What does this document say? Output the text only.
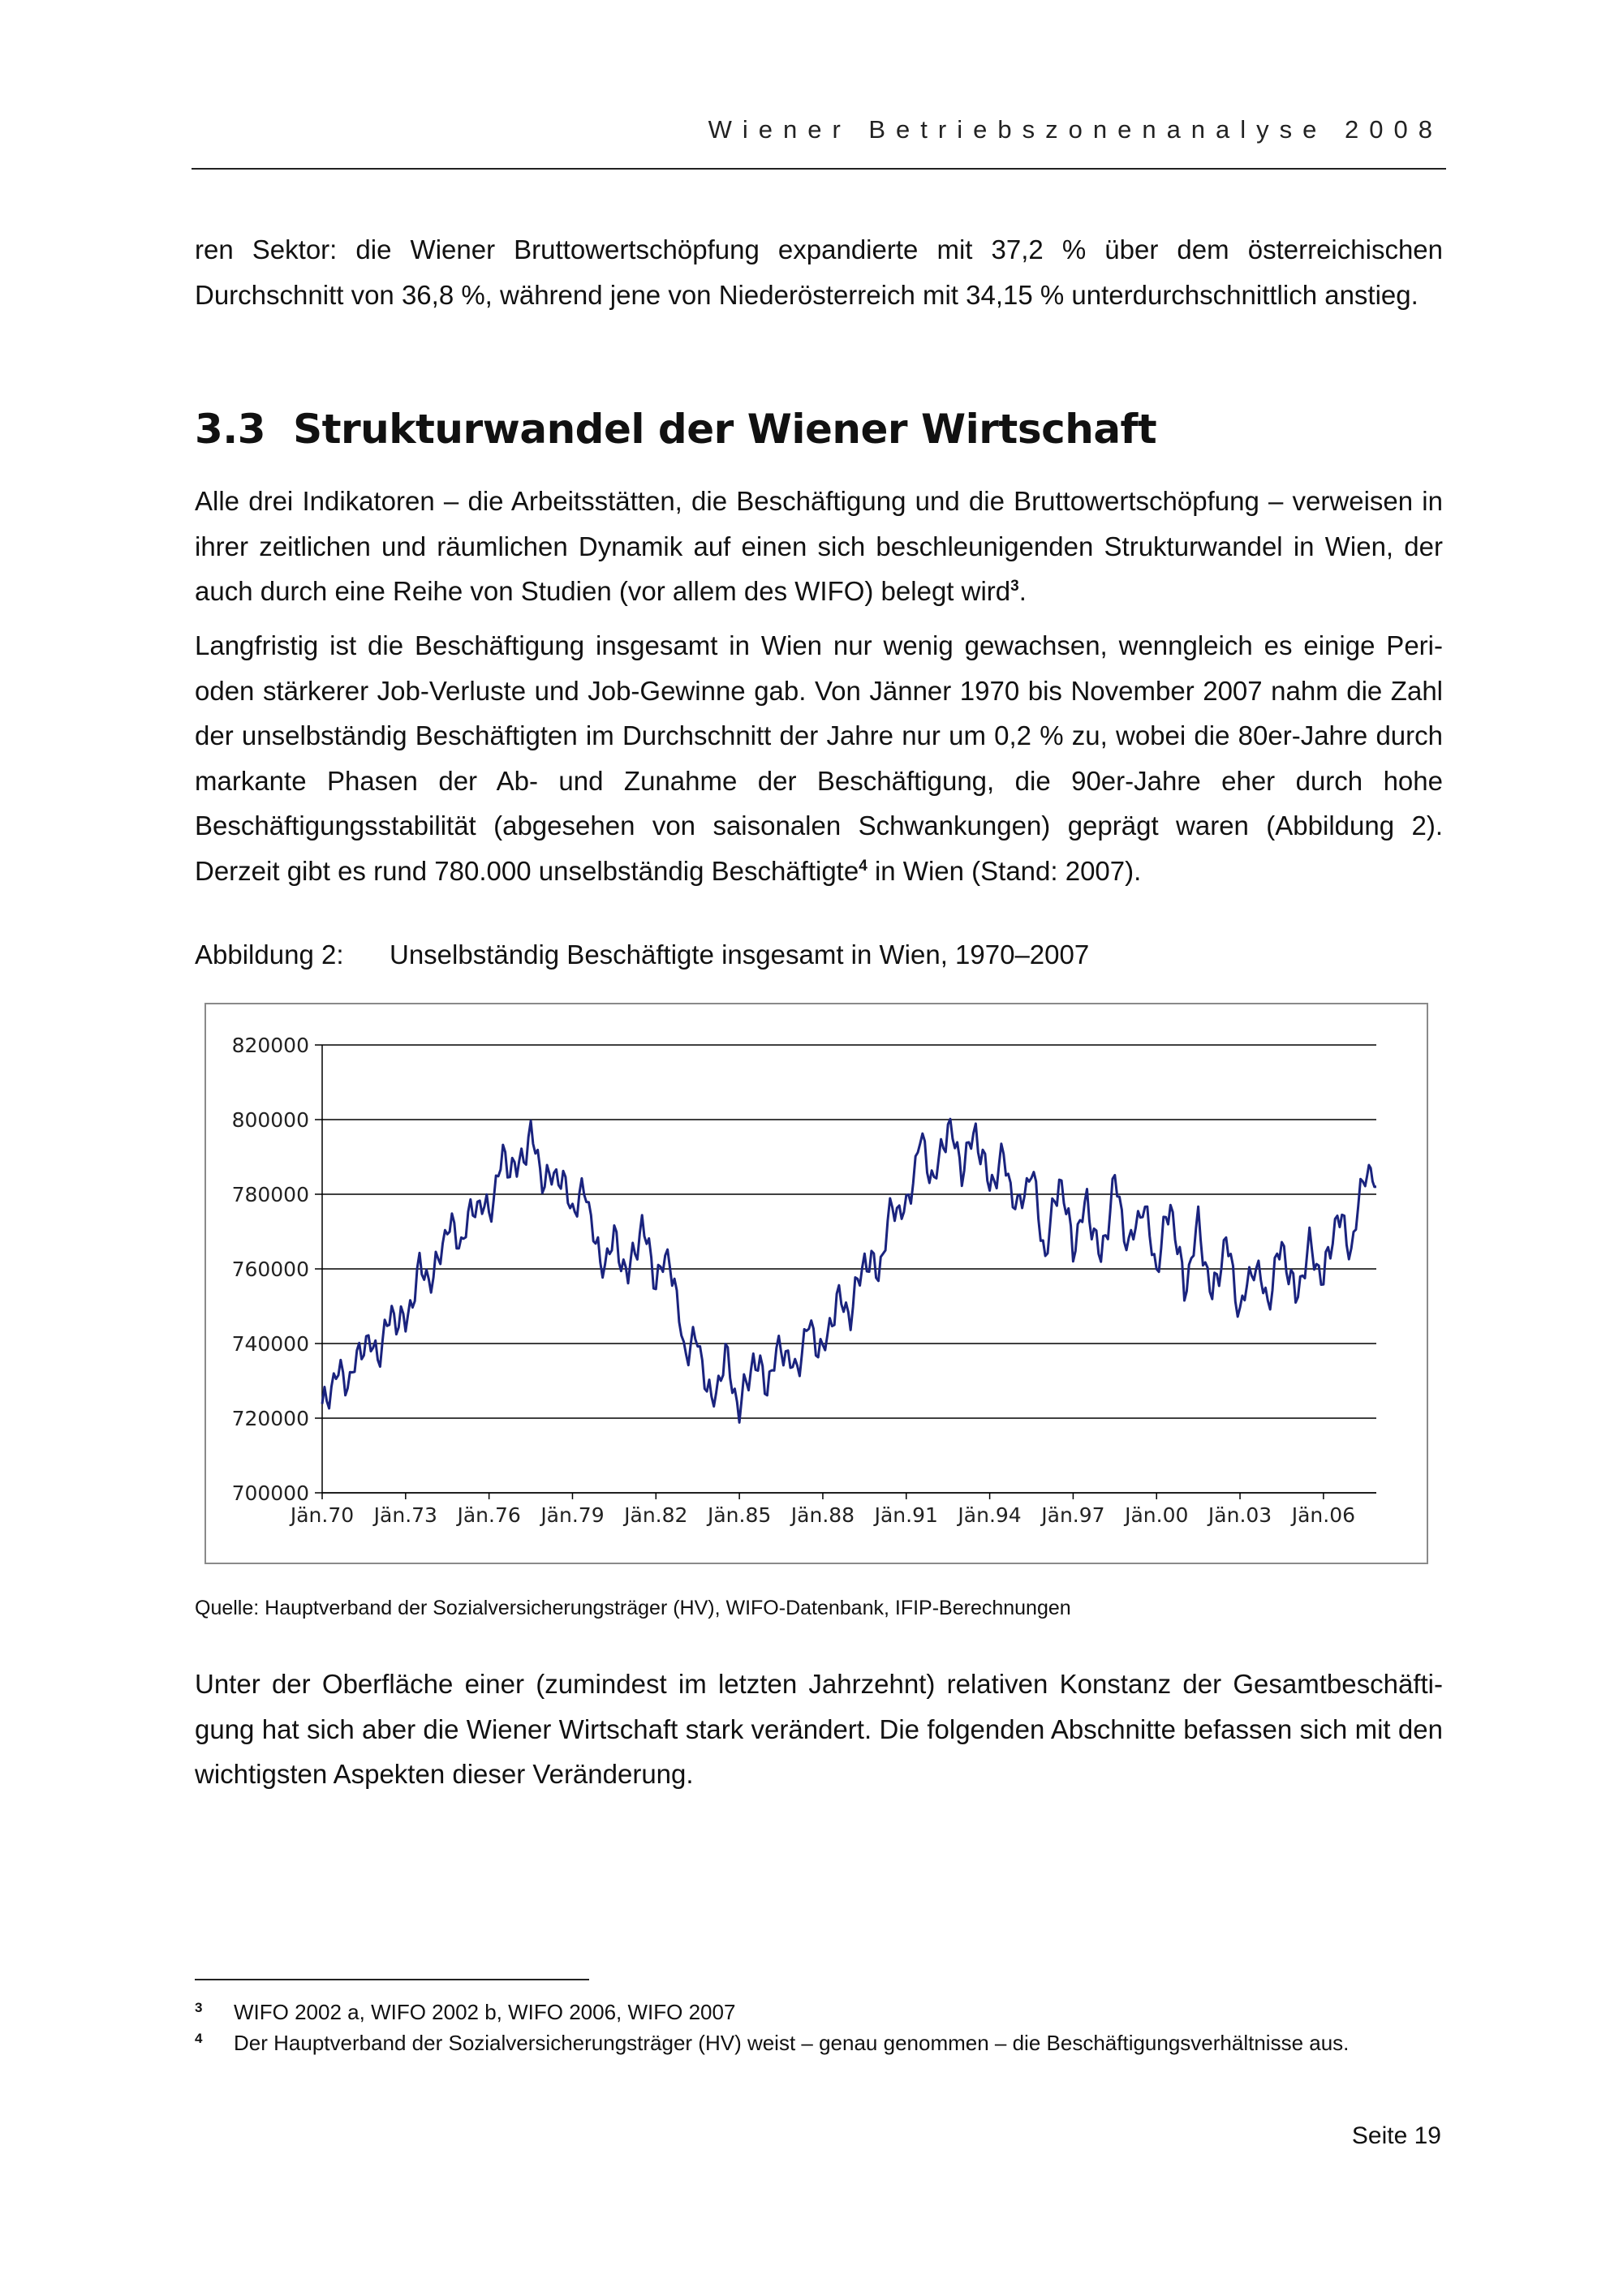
Wiener Betriebszonenanalyse 2008

ren Sektor: die Wiener Bruttowertschöpfung expandierte mit 37,2 % über dem österreichischen Durchschnitt von 36,8 %, während jene von Niederösterreich mit 34,15 % unterdurchschnittlich anstieg.

3.3 Strukturwandel der Wiener Wirtschaft

Alle drei Indikatoren – die Arbeitsstätten, die Beschäftigung und die Bruttowertschöpfung – verweisen in ihrer zeitlichen und räumlichen Dynamik auf einen sich beschleunigenden Strukturwandel in Wien, der auch durch eine Reihe von Studien (vor allem des WIFO) belegt wird$^3$.

Langfristig ist die Beschäftigung insgesamt in Wien nur wenig gewachsen, wenngleich es einige Perioden stärkerer Job-Verluste und Job-Gewinne gab. Von Jänner 1970 bis November 2007 nahm die Zahl der unselbständig Beschäftigten im Durchschnitt der Jahre nur um 0,2 % zu, wobei die 80er-Jahre durch markante Phasen der Ab- und Zunahme der Beschäftigung, die 90er-Jahre eher durch hohe Beschäftigungsstabilität (abgesehen von saisonalen Schwankungen) geprägt waren (Abbildung 2). Derzeit gibt es rund 780.000 unselbständig Beschäftigte$^4$ in Wien (Stand: 2007).

Abbildung 2: Unselbständig Beschäftigte insgesamt in Wien, 1970–2007
820000
800000
780000
760000
740000
720000
700000
Jän.70 Jän.73 Jän.76 Jän.79 Jän.82 Jän.85 Jän.88 Jän.91 Jän.94 Jän.97 Jän.00 Jän.03 Jän.06
Quelle: Hauptverband der Sozialversicherungsträger (HV), WIFO-Datenbank, IFIP-Berechnungen

Unter der Oberfläche einer (zumindest im letzten Jahrzehnt) relativen Konstanz der Gesamtbeschäftigung hat sich aber die Wiener Wirtschaft stark verändert. Die folgenden Abschnitte befassen sich mit den wichtigsten Aspekten dieser Veränderung.

3 WIFO 2002 a, WIFO 2002 b, WIFO 2006, WIFO 2007
4 Der Hauptverband der Sozialversicherungsträger (HV) weist – genau genommen – die Beschäftigungsverhältnisse aus.
Seite 19
